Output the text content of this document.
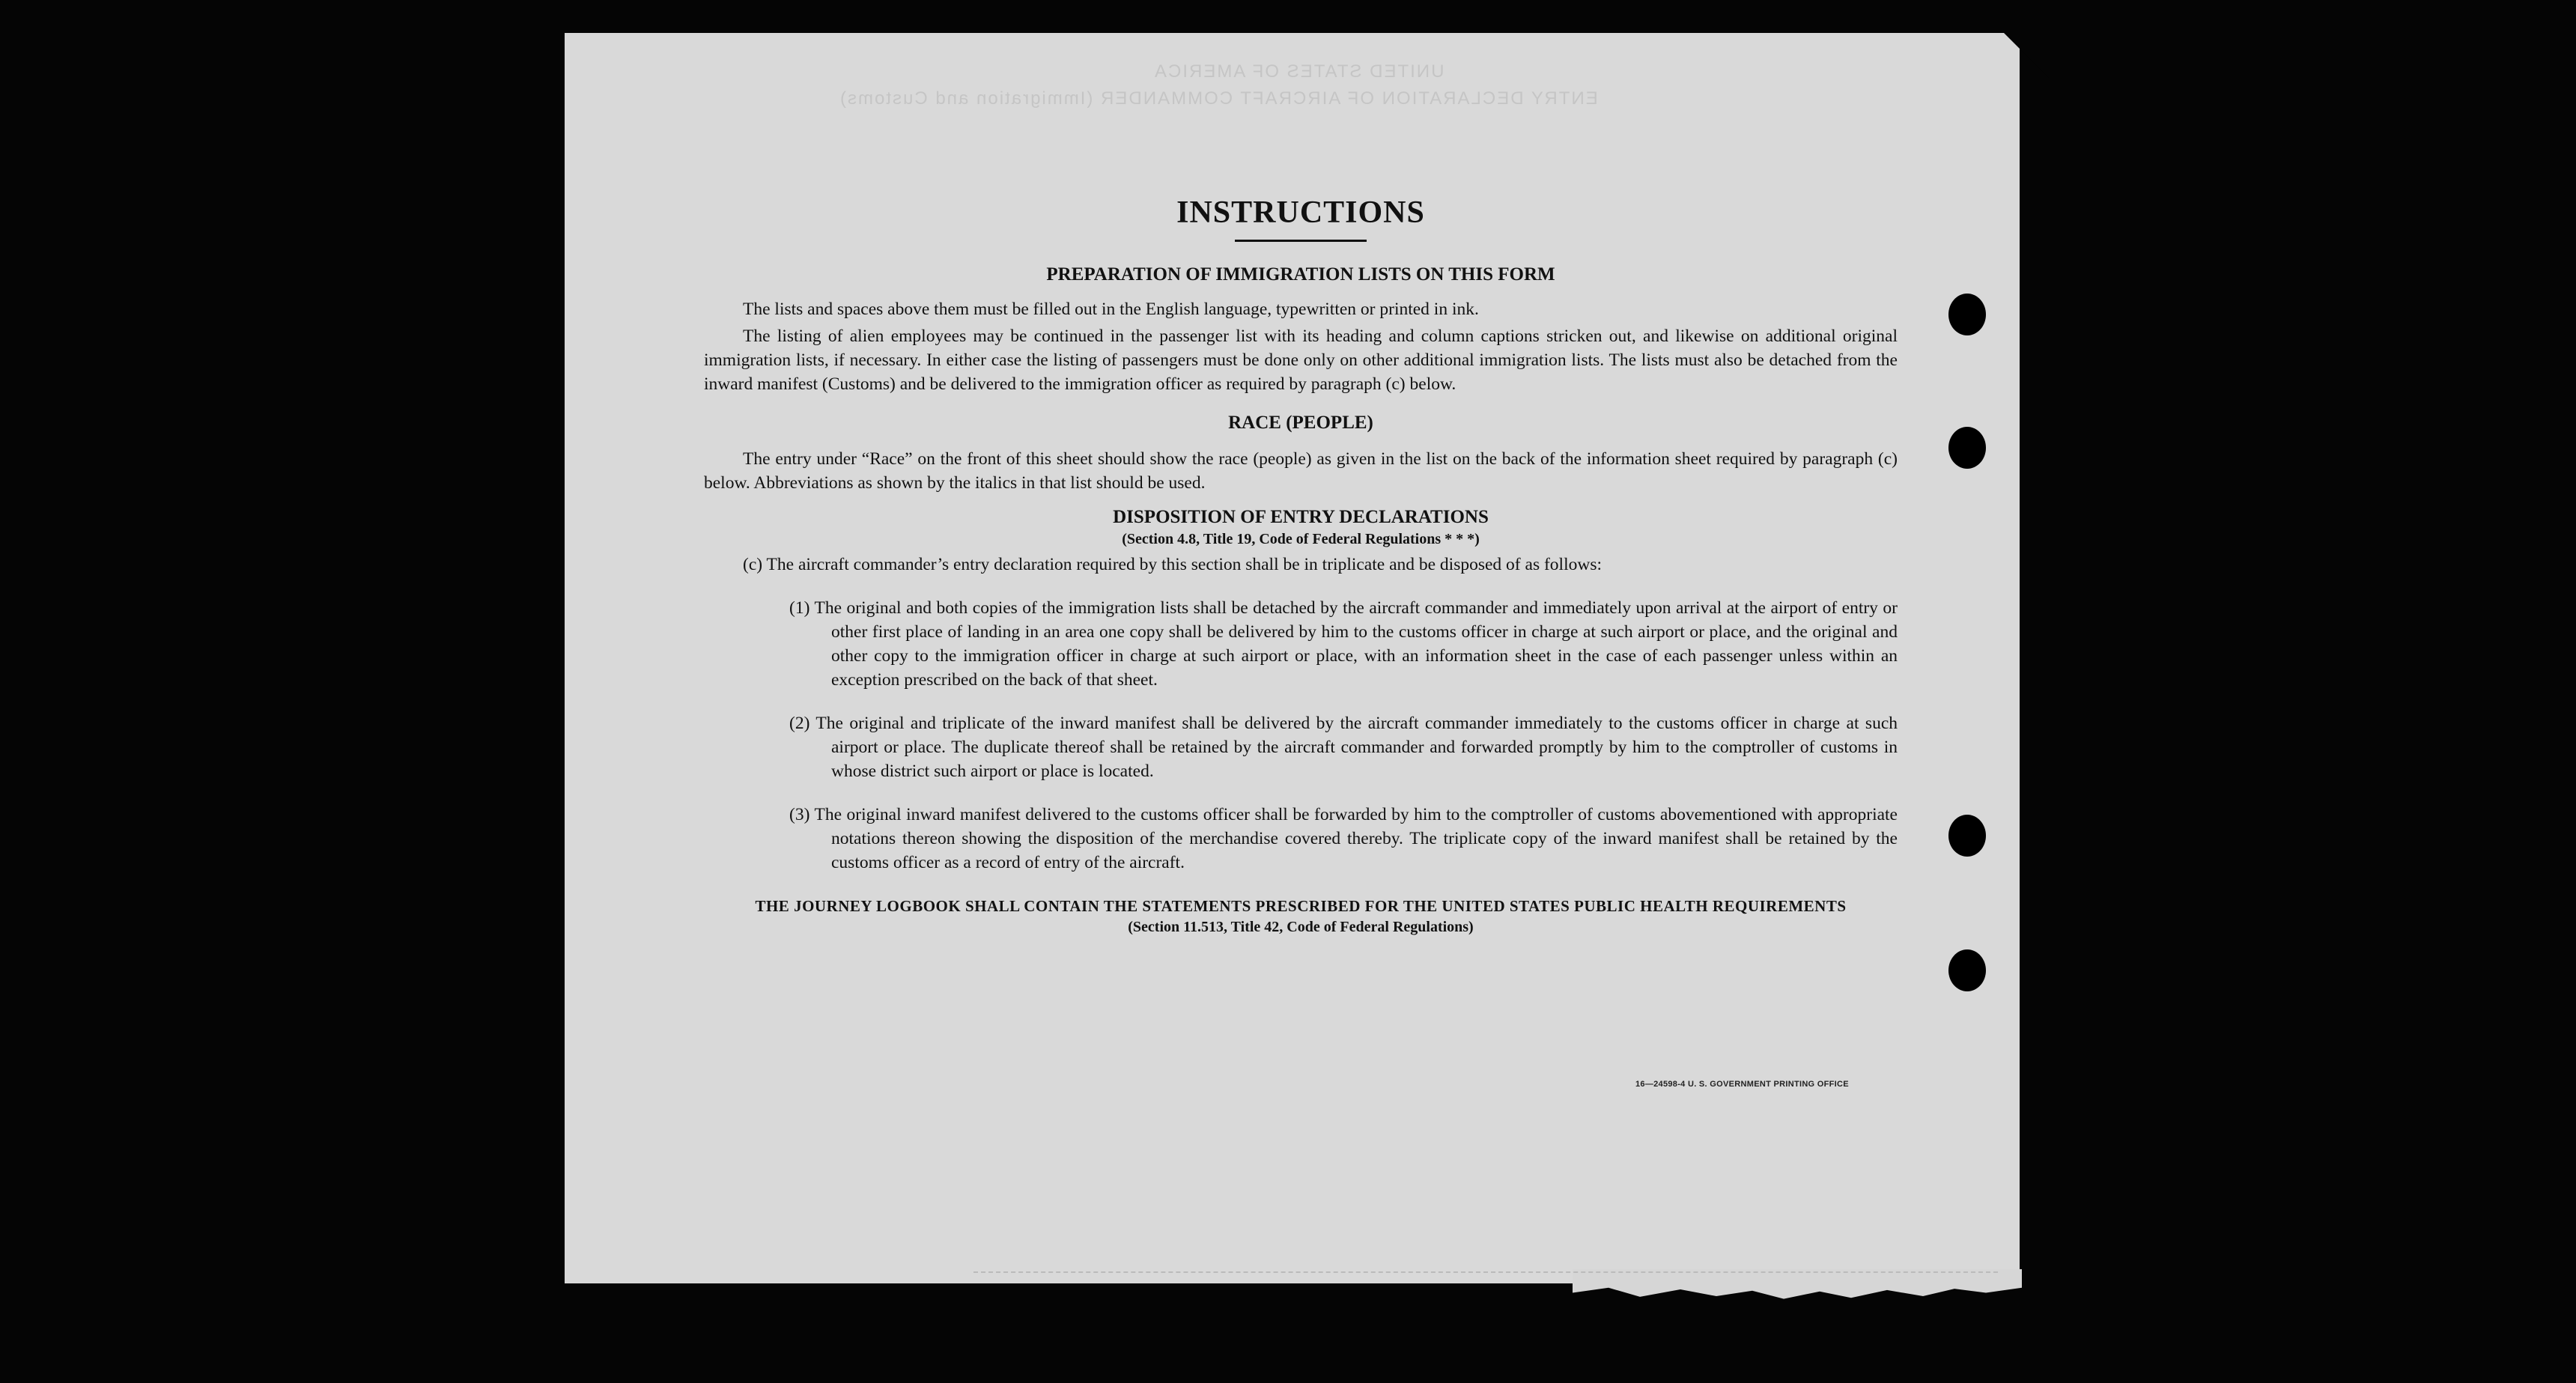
UNITED STATES OF AMERICA
ENTRY DECLARATION OF AIRCRAFT COMMANDER (Immigration and Customs)
INSTRUCTIONS

PREPARATION OF IMMIGRATION LISTS ON THIS FORM

The lists and spaces above them must be filled out in the English language, typewritten or printed in ink.

The listing of alien employees may be continued in the passenger list with its heading and column captions stricken out, and likewise on additional original immigration lists, if necessary. In either case the listing of passengers must be done only on other additional immigration lists. The lists must also be detached from the inward manifest (Customs) and be delivered to the immigration officer as required by paragraph (c) below.

RACE (PEOPLE)

The entry under “Race” on the front of this sheet should show the race (people) as given in the list on the back of the information sheet required by paragraph (c) below. Abbreviations as shown by the italics in that list should be used.

DISPOSITION OF ENTRY DECLARATIONS

(Section 4.8, Title 19, Code of Federal Regulations * * *)

(c) The aircraft commander’s entry declaration required by this section shall be in triplicate and be disposed of as follows:

(1) The original and both copies of the immigration lists shall be detached by the aircraft commander and immediately upon arrival at the airport of entry or other first place of landing in an area one copy shall be delivered by him to the customs officer in charge at such airport or place, and the original and other copy to the immigration officer in charge at such airport or place, with an information sheet in the case of each passenger unless within an exception prescribed on the back of that sheet.

(2) The original and triplicate of the inward manifest shall be delivered by the aircraft commander immediately to the customs officer in charge at such airport or place. The duplicate thereof shall be retained by the aircraft commander and forwarded promptly by him to the comptroller of customs in whose district such airport or place is located.

(3) The original inward manifest delivered to the customs officer shall be forwarded by him to the comptroller of customs abovementioned with appropriate notations thereon showing the disposition of the merchandise covered thereby. The triplicate copy of the inward manifest shall be retained by the customs officer as a record of entry of the aircraft.

THE JOURNEY LOGBOOK SHALL CONTAIN THE STATEMENTS PRESCRIBED FOR THE UNITED STATES PUBLIC HEALTH REQUIREMENTS

(Section 11.513, Title 42, Code of Federal Regulations)

16—24598-4 U. S. GOVERNMENT PRINTING OFFICE
